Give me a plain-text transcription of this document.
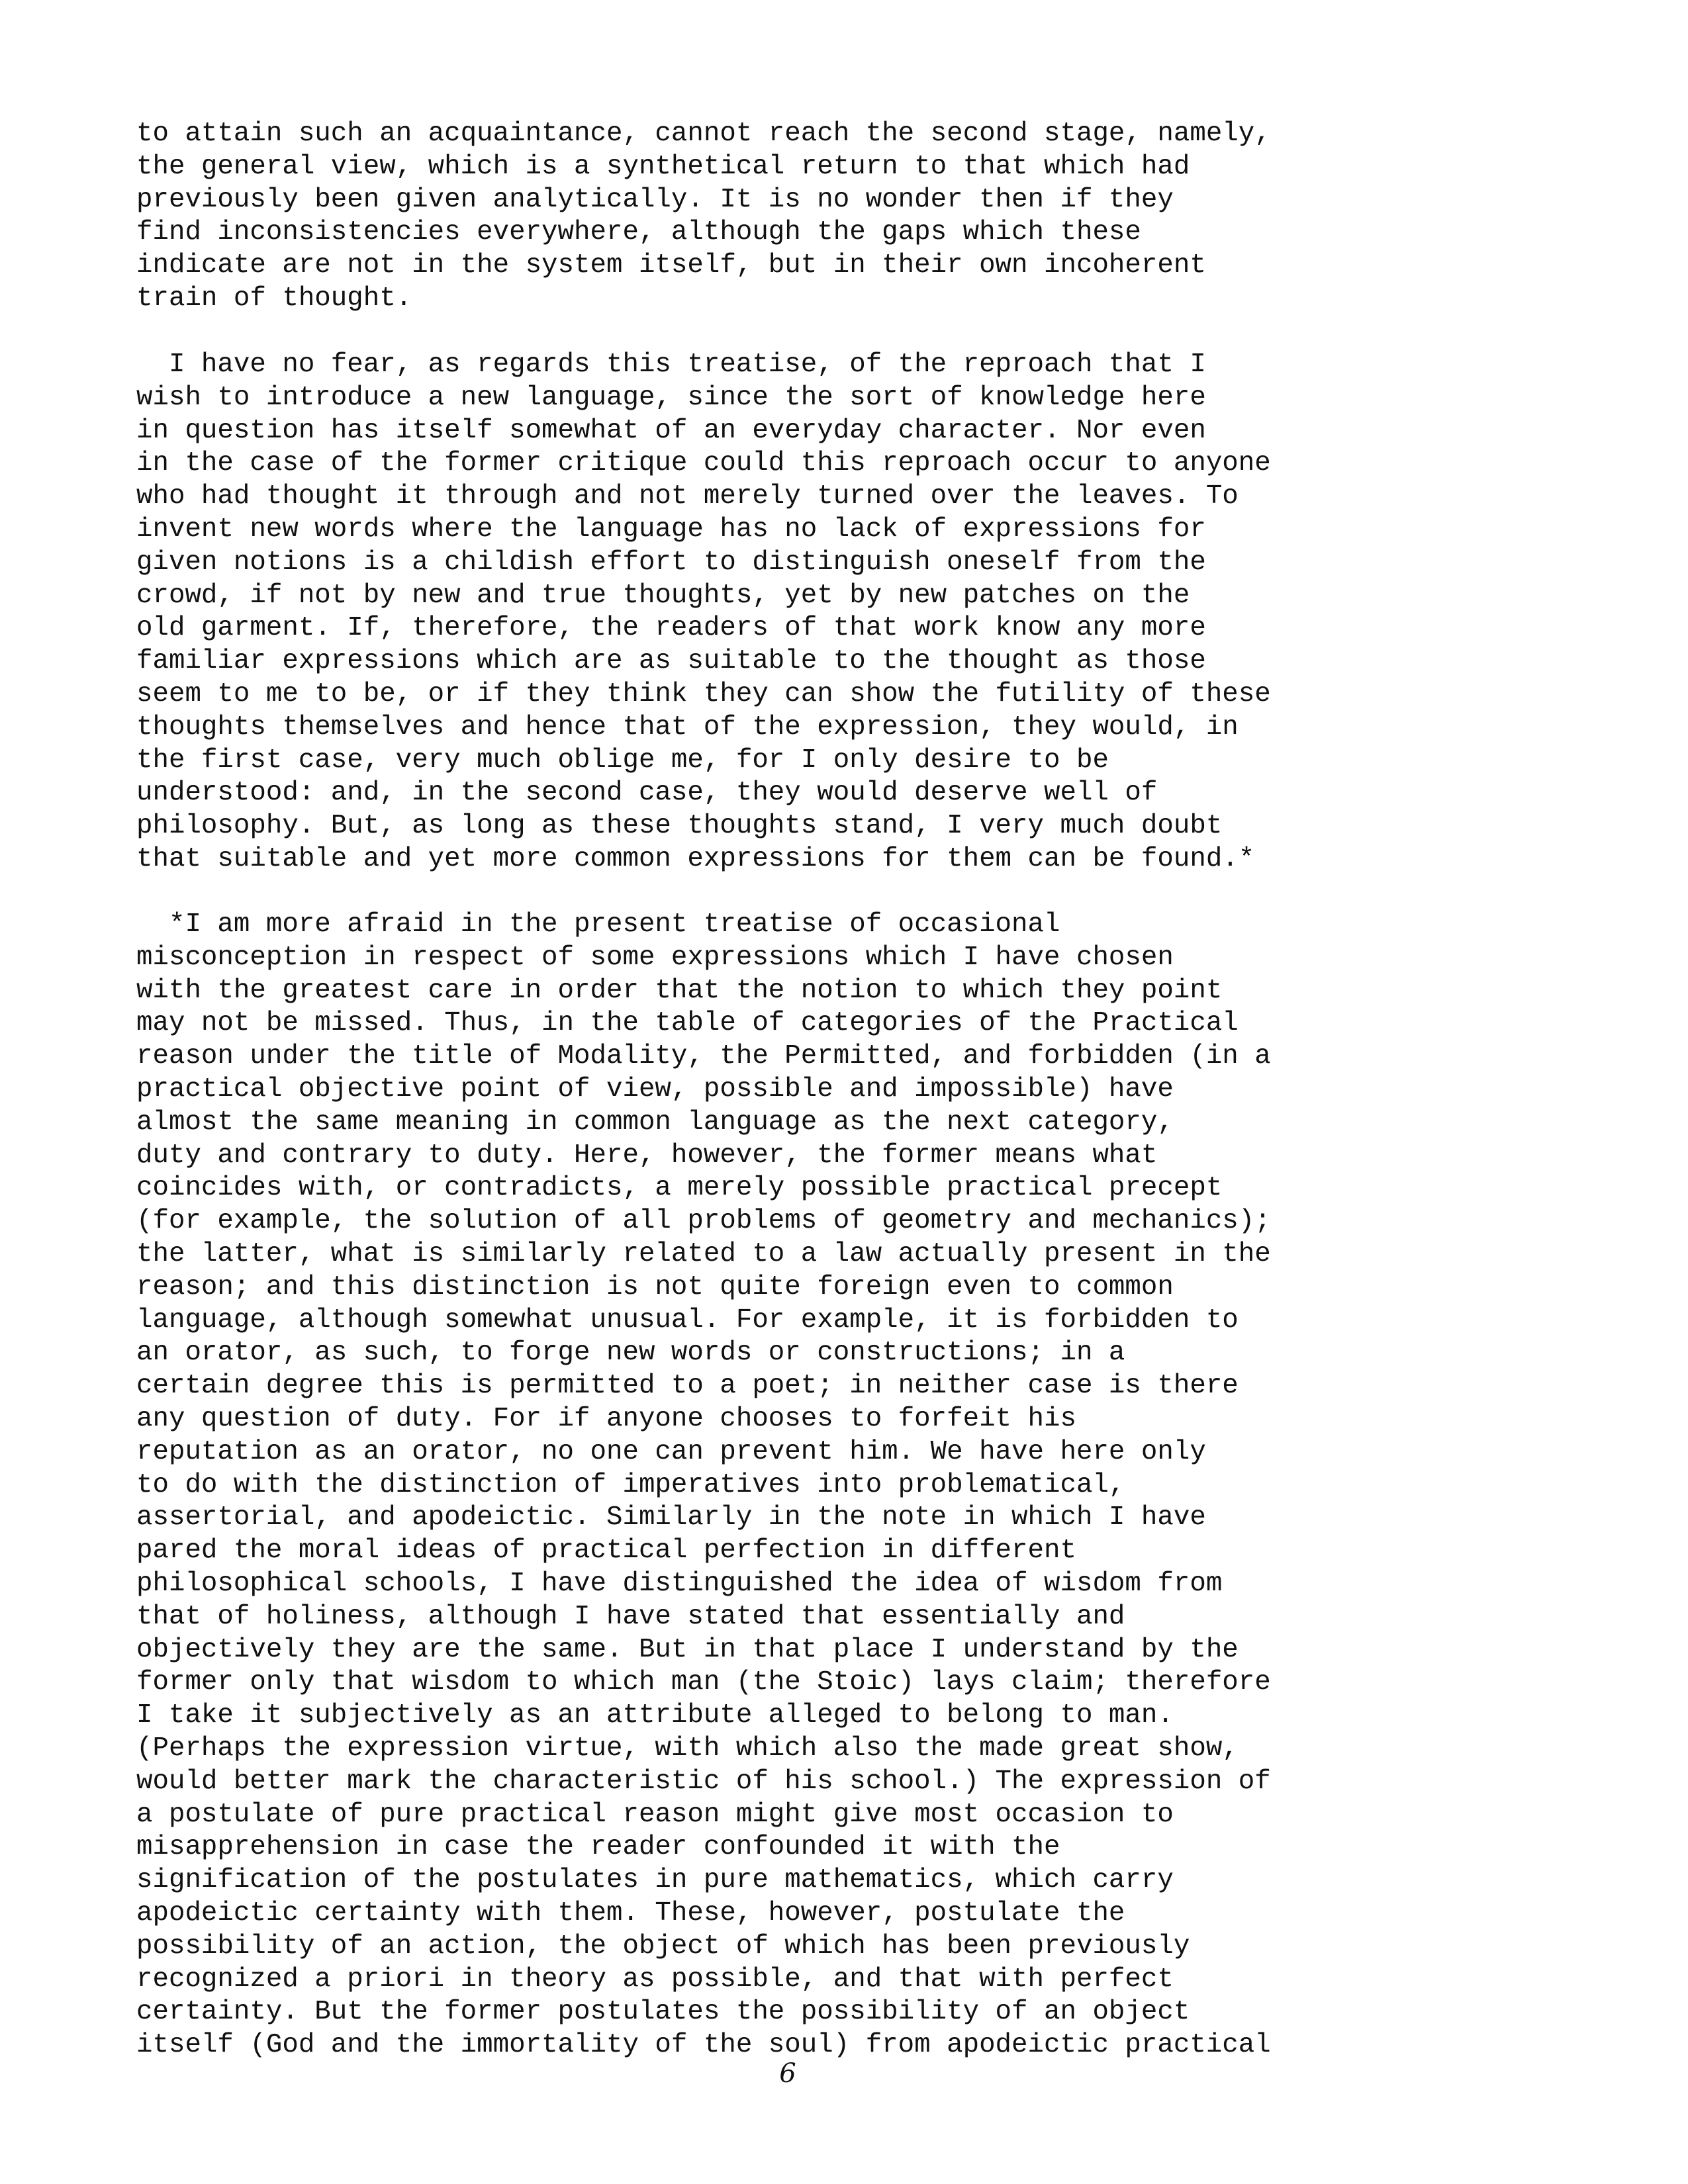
to attain such an acquaintance, cannot reach the second stage, namely,
the general view, which is a synthetical return to that which had
previously been given analytically. It is no wonder then if they
find inconsistencies everywhere, although the gaps which these
indicate are not in the system itself, but in their own incoherent
train of thought.

I have no fear, as regards this treatise, of the reproach that I
wish to introduce a new language, since the sort of knowledge here
in question has itself somewhat of an everyday character. Nor even
in the case of the former critique could this reproach occur to anyone
who had thought it through and not merely turned over the leaves. To
invent new words where the language has no lack of expressions for
given notions is a childish effort to distinguish oneself from the
crowd, if not by new and true thoughts, yet by new patches on the
old garment. If, therefore, the readers of that work know any more
familiar expressions which are as suitable to the thought as those
seem to me to be, or if they think they can show the futility of these
thoughts themselves and hence that of the expression, they would, in
the first case, very much oblige me, for I only desire to be
understood: and, in the second case, they would deserve well of
philosophy. But, as long as these thoughts stand, I very much doubt
that suitable and yet more common expressions for them can be found.*

*I am more afraid in the present treatise of occasional
misconception in respect of some expressions which I have chosen
with the greatest care in order that the notion to which they point
may not be missed. Thus, in the table of categories of the Practical
reason under the title of Modality, the Permitted, and forbidden (in a
practical objective point of view, possible and impossible) have
almost the same meaning in common language as the next category,
duty and contrary to duty. Here, however, the former means what
coincides with, or contradicts, a merely possible practical precept
(for example, the solution of all problems of geometry and mechanics);
the latter, what is similarly related to a law actually present in the
reason; and this distinction is not quite foreign even to common
language, although somewhat unusual. For example, it is forbidden to
an orator, as such, to forge new words or constructions; in a
certain degree this is permitted to a poet; in neither case is there
any question of duty. For if anyone chooses to forfeit his
reputation as an orator, no one can prevent him. We have here only
to do with the distinction of imperatives into problematical,
assertorial, and apodeictic. Similarly in the note in which I have
pared the moral ideas of practical perfection in different
philosophical schools, I have distinguished the idea of wisdom from
that of holiness, although I have stated that essentially and
objectively they are the same. But in that place I understand by the
former only that wisdom to which man (the Stoic) lays claim; therefore
I take it subjectively as an attribute alleged to belong to man.
(Perhaps the expression virtue, with which also the made great show,
would better mark the characteristic of his school.) The expression of
a postulate of pure practical reason might give most occasion to
misapprehension in case the reader confounded it with the
signification of the postulates in pure mathematics, which carry
apodeictic certainty with them. These, however, postulate the
possibility of an action, the object of which has been previously
recognized a priori in theory as possible, and that with perfect
certainty. But the former postulates the possibility of an object
itself (God and the immortality of the soul) from apodeictic practical

6
